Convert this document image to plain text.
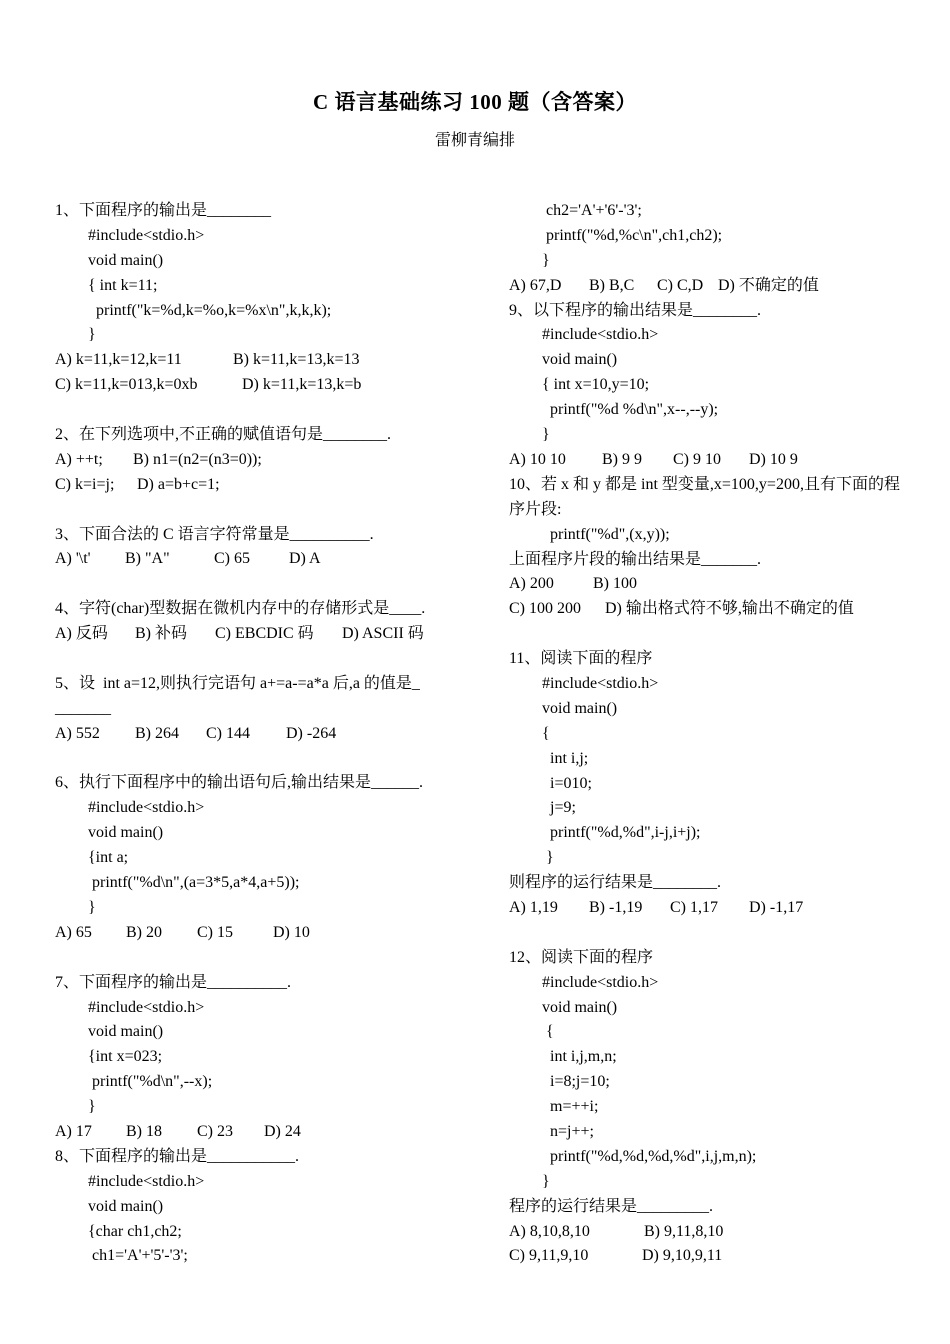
C 语言基础练习 100 题（含答案）
雷柳青编排
1、下面程序的输出是________
#include<stdio.h>
void main()
{ int k=11;
printf("k=%d,k=%o,k=%x\n",k,k,k);
}

A) k=11,k=12,k=11

	B) k=11,k=13,k=13

C) k=11,k=013,k=0xb

	D) k=11,k=13,k=b

2、在下列选项中,不正确的赋值语句是________.

A) ++t;

B) n1=(n2=(n3=0));

C) k=i=j;

D) a=b+c=1;

3、下面合法的 C 语言字符常量是__________.

A) '\t'

B) "A"

	C) 65

D) A

4、字符(char)型数据在微机内存中的存储形式是____.

A) 反码

B) 补码

C) EBCDIC 码

D) ASCII 码

5、设  int a=12,则执行完语句 a+=a-=a*a 后,a 的值是_
_______

A) 552

B) 264

C) 144

D) -264

6、执行下面程序中的输出语句后,输出结果是______.
#include<stdio.h>
void main()
{int a;
printf("%d\n",(a=3*5,a*4,a+5));
}

A) 65

B) 20

C) 15

	D) 10

7、下面程序的输出是__________.
#include<stdio.h>
void main()
{int x=023;
printf("%d\n",--x);
}

A) 17

B) 18

C) 23

D) 24

8、下面程序的输出是___________.
#include<stdio.h>
void main()
{char ch1,ch2;
ch1='A'+'5'-'3';
ch2='A'+'6'-'3';
printf("%d,%c\n",ch1,ch2);
}

A) 67,D

B) B,C

C) C,D

D) 不确定的值

9、以下程序的输出结果是________.
#include<stdio.h>
void main()
{ int x=10,y=10;
printf("%d %d\n",x--,--y);
}

A) 10 10

B) 9 9

C) 9 10

D) 10 9

10、若 x 和 y 都是 int 型变量,x=100,y=200,且有下面的程序片段:
printf("%d",(x,y));
上面程序片段的输出结果是_______.

A) 200

B) 100

C) 100 200

D) 输出格式符不够,输出不确定的值

11、阅读下面的程序
#include<stdio.h>
void main()
{
int i,j;
i=010;
j=9;
printf("%d,%d",i-j,i+j);
}
则程序的运行结果是________.

A) 1,19

B) -1,19

C) 1,17

D) -1,17

12、阅读下面的程序
#include<stdio.h>
void main()
{
int i,j,m,n;
i=8;j=10;
m=++i;
n=j++;
printf("%d,%d,%d,%d",i,j,m,n);
}
程序的运行结果是_________.

A) 8,10,8,10

	B) 9,11,8,10

C) 9,11,9,10

	D) 9,10,9,11
